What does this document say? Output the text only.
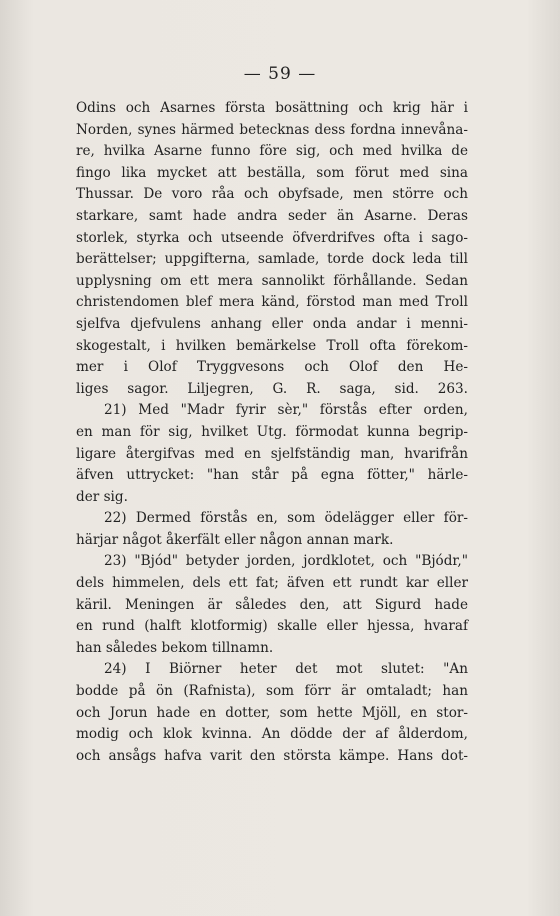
— 59 —
Odins och Asarnes första bosättning och krig här i
Norden, synes härmed betecknas dess fordna innevåna-
re, hvilka Asarne funno före sig, och med hvilka de
fingo lika mycket att beställa, som förut med sina
Thussar. De voro råa och obyfsade, men större och
starkare, samt hade andra seder än Asarne. Deras
storlek, styrka och utseende öfverdrifves ofta i sago-
berättelser; uppgifterna, samlade, torde dock leda till
upplysning om ett mera sannolikt förhållande. Sedan
christendomen blef mera känd, förstod man med Troll
sjelfva djefvulens anhang eller onda andar i menni-
skogestalt, i hvilken bemärkelse Troll ofta förekom-
mer i Olof Tryggvesons och Olof den He-
liges sagor. Liljegren, G. R. saga, sid. 263.
21) Med "Madr fyrir sèr," förstås efter orden,
en man för sig, hvilket Utg. förmodat kunna begrip-
ligare återgifvas med en sjelfständig man, hvarifrån
äfven uttrycket: "han står på egna fötter," härle-
der sig.
22) Dermed förstås en, som ödelägger eller för-
härjar något åkerfält eller någon annan mark.
23) "Bjód" betyder jorden, jordklotet, och "Bjódr,"
dels himmelen, dels ett fat; äfven ett rundt kar eller
käril. Meningen är således den, att Sigurd hade
en rund (halft klotformig) skalle eller hjessa, hvaraf
han således bekom tillnamn.
24) I Biörner heter det mot slutet: "An
bodde på ön (Rafnista), som förr är omtaladt; han
och Jorun hade en dotter, som hette Mjöll, en stor-
modig och klok kvinna. An dödde der af ålderdom,
och ansågs hafva varit den största kämpe. Hans dot-
